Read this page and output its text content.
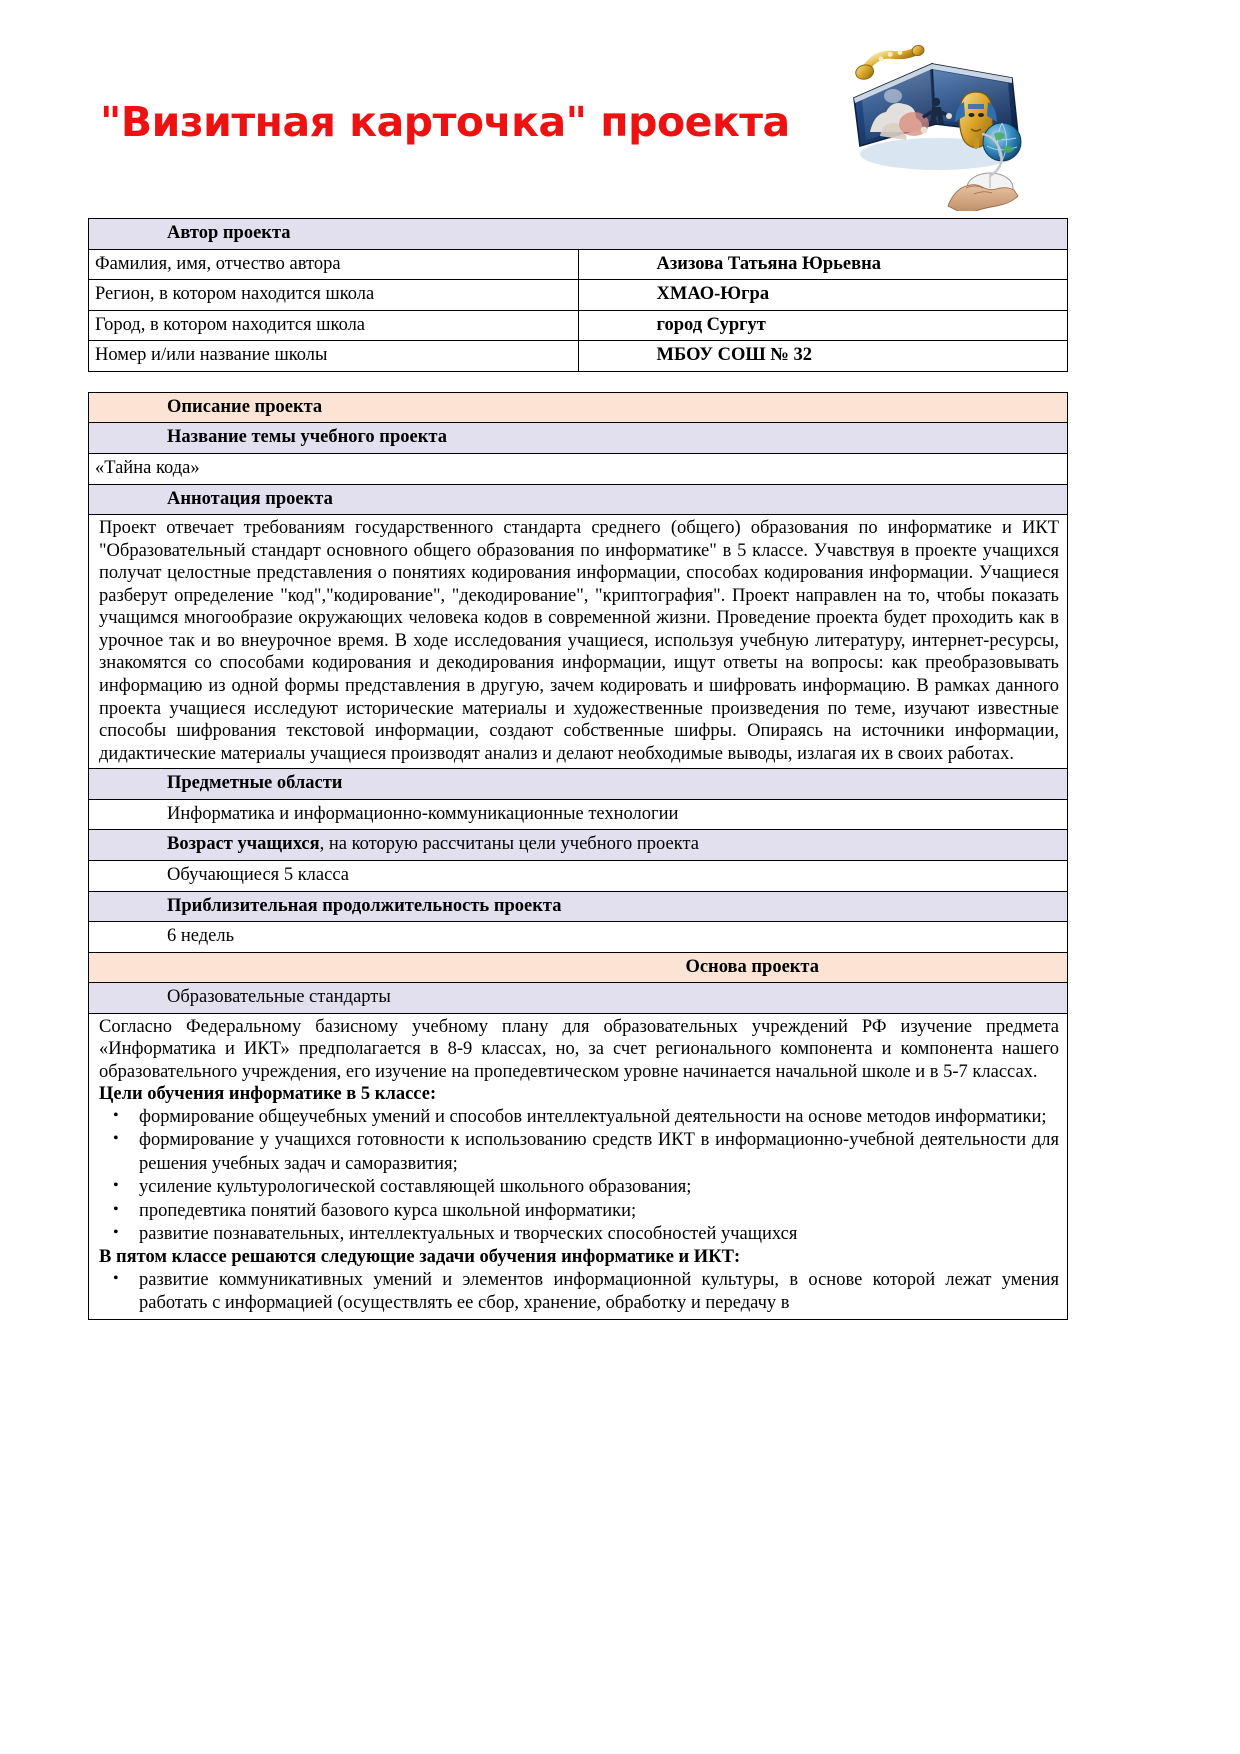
"Визитная карточка" проекта
Автор проекта	
Фамилия, имя, отчество автора	Азизова Татьяна Юрьевна
Регион, в котором находится школа	ХМАО-Югра
Город, в котором находится школа	город Сургут
Номер и/или название школы	МБОУ СОШ № 32
Описание проекта
Название темы учебного проекта
«Тайна кода»
Аннотация проекта
Проект отвечает требованиям государственного стандарта среднего (общего) образования по информатике и ИКТ "Образовательный стандарт основного общего образования по информатике" в 5 классе. Учавствуя в проекте учащихся получат целостные представления о понятиях кодирования информации, способах кодирования информации. Учащиеся разберут определение "код","кодирование", "декодирование", "криптография". Проект направлен на то, чтобы показать учащимся многообразие окружающих человека кодов в современной жизни. Проведение проекта будет проходить как в урочное так и во внеурочное время. В ходе исследования учащиеся, используя учебную литературу, интернет-ресурсы, знакомятся со способами кодирования и декодирования информации, ищут ответы на вопросы: как преобразовывать информацию из одной формы представления в другую, зачем кодировать и шифровать информацию. В рамках данного проекта учащиеся исследуют исторические материалы и художественные произведения по теме, изучают известные способы шифрования текстовой информации, создают собственные шифры. Опираясь на источники информации, дидактические материалы учащиеся производят анализ и делают необходимые выводы, излагая их в своих работах.
Предметные области
Информатика и информационно-коммуникационные технологии
Возраст учащихся, на которую рассчитаны цели учебного проекта
Обучающиеся 5 класса
Приблизительная продолжительность проекта
6 недель
Основа проекта
Образовательные стандарты

Согласно Федеральному базисному учебному плану для образовательных учреждений РФ изучение предмета «Информатика и ИКТ» предполагается в 8-9 классах, но, за счет регионального компонента и компонента нашего образовательного учреждения, его изучение на пропедевтическом уровне начинается начальной школе и в 5-7 классах.

Цели обучения информатике в 5 классе:

• формирование общеучебных умений и способов интеллектуальной деятельности на основе методов информатики;
• формирование у учащихся готовности к использованию средств ИКТ в информационно-учебной деятельности для решения учебных задач и саморазвития;
• усиление культурологической составляющей школьного образования;
• пропедевтика понятий базового курса школьной информатики;
• развитие познавательных, интеллектуальных и творческих способностей учащихся

В пятом классе решаются следующие задачи обучения информатике и ИКТ:

• развитие коммуникативных умений и элементов информационной культуры, в основе которой лежат умения работать с информацией (осуществлять ее сбор, хранение, обработку и передачу в
